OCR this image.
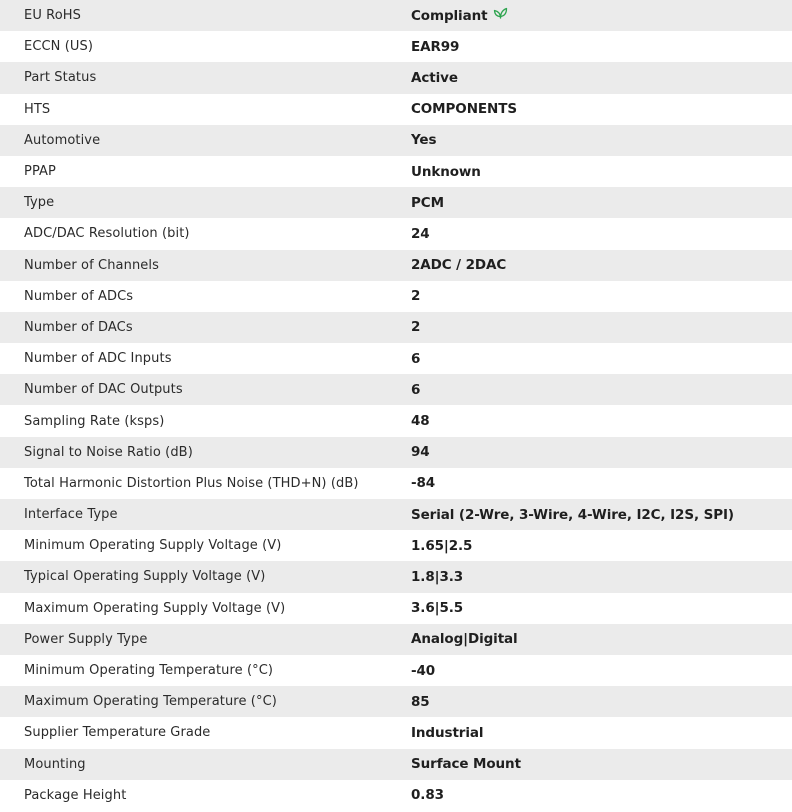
EU RoHS	Compliant
ECCN (US)	EAR99
Part Status	Active
HTS	COMPONENTS
Automotive	Yes
PPAP	Unknown
Type	PCM
ADC/DAC Resolution (bit)	24
Number of Channels	2ADC / 2DAC
Number of ADCs	2
Number of DACs	2
Number of ADC Inputs	6
Number of DAC Outputs	6
Sampling Rate (ksps)	48
Signal to Noise Ratio (dB)	94
Total Harmonic Distortion Plus Noise (THD+N) (dB)	-84
Interface Type	Serial (2-Wre, 3-Wire, 4-Wire, I2C, I2S, SPI)
Minimum Operating Supply Voltage (V)	1.65|2.5
Typical Operating Supply Voltage (V)	1.8|3.3
Maximum Operating Supply Voltage (V)	3.6|5.5
Power Supply Type	Analog|Digital
Minimum Operating Temperature (°C)	-40
Maximum Operating Temperature (°C)	85
Supplier Temperature Grade	Industrial
Mounting	Surface Mount
Package Height	0.83
